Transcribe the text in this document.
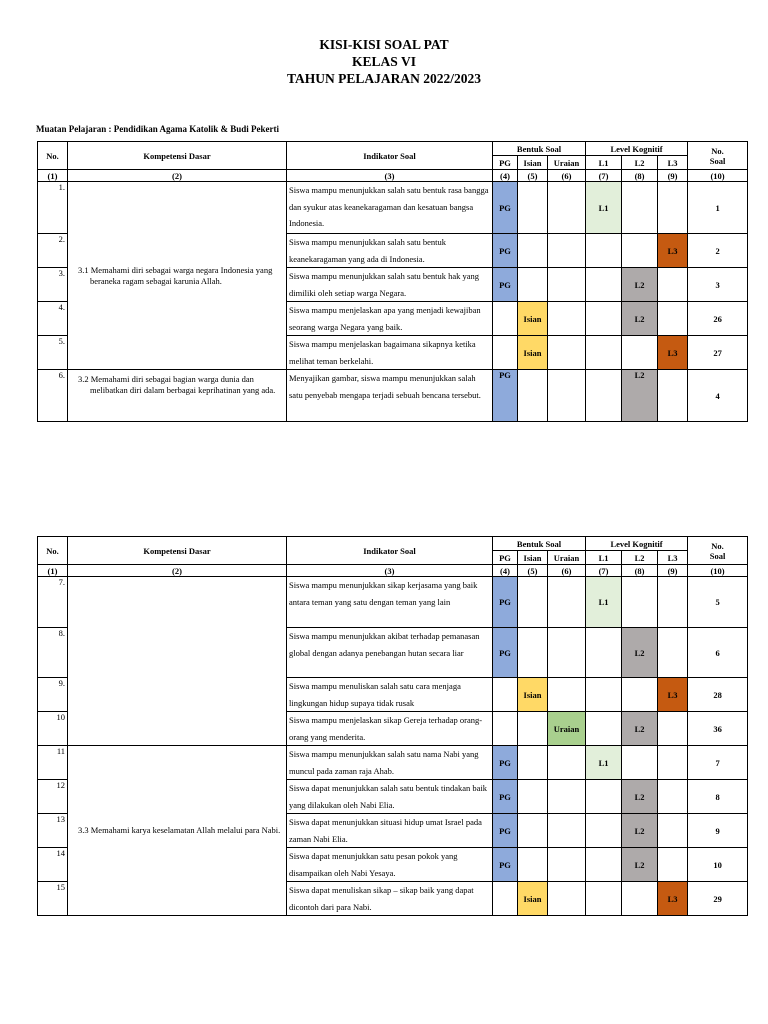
KISI-KISI SOAL PAT
KELAS VI
TAHUN PELAJARAN 2022/2023
Muatan Pelajaran : Pendidikan Agama Katolik & Budi Pekerti
No.	Kompetensi Dasar	Indikator Soal	Bentuk Soal			Level Kognitif			No.
Soal
			PG	Isian	Uraian	L1	L2	L3	
(1)	(2)	(3)	(4)	(5)	(6)	(7)	(8)	(9)	(10)
1.	3.1 Memahami diri sebagai warga negara Indonesia yang beraneka ragam sebagai karunia Allah.	Siswa mampu menunjukkan salah satu bentuk rasa bangga dan syukur atas keanekaragaman dan kesatuan bangsa Indonesia.	PG			L1			1
2.		Siswa mampu menunjukkan salah satu bentuk keanekaragaman yang ada di Indonesia.	PG					L3	2
3.		Siswa mampu menunjukkan salah satu bentuk hak yang dimiliki oleh setiap warga Negara.	PG				L2		3
4.		Siswa mampu menjelaskan apa yang menjadi kewajiban seorang warga Negara yang baik.		Isian			L2		26
5.		Siswa mampu menjelaskan bagaimana sikapnya ketika melihat teman berkelahi.		Isian				L3	27
6.	3.2 Memahami diri sebagai bagian warga dunia dan melibatkan diri dalam berbagai keprihatinan yang ada.	Menyajikan gambar, siswa mampu menunjukkan salah satu penyebab mengapa terjadi sebuah bencana tersebut.	PG				L2		4
No.	Kompetensi Dasar	Indikator Soal	Bentuk Soal			Level Kognitif			No.
Soal
			PG	Isian	Uraian	L1	L2	L3	
(1)	(2)	(3)	(4)	(5)	(6)	(7)	(8)	(9)	(10)
7.		Siswa mampu menunjukkan sikap kerjasama yang baik antara teman yang satu dengan teman yang lain	PG			L1			5
8.		Siswa mampu menunjukkan akibat terhadap pemanasan global dengan adanya penebangan hutan secara liar	PG				L2		6
9.		Siswa mampu menuliskan salah satu cara menjaga lingkungan hidup supaya tidak rusak		Isian				L3	28
10		Siswa mampu menjelaskan sikap Gereja terhadap orang-orang yang menderita.			Uraian		L2		36
11	3.3 Memahami karya keselamatan Allah melalui para Nabi.	Siswa mampu menunjukkan salah satu nama Nabi yang muncul pada zaman raja Ahab.	PG			L1			7
12		Siswa dapat menunjukkan salah satu bentuk tindakan baik yang dilakukan oleh Nabi Elia.	PG				L2		8
13		Siswa dapat menunjukkan situasi hidup umat Israel pada zaman Nabi Elia.	PG				L2		9
14		Siswa dapat menunjukkan satu pesan pokok yang disampaikan oleh Nabi Yesaya.	PG				L2		10
15		Siswa dapat menuliskan sikap – sikap baik yang dapat dicontoh dari para Nabi.		Isian				L3	29
